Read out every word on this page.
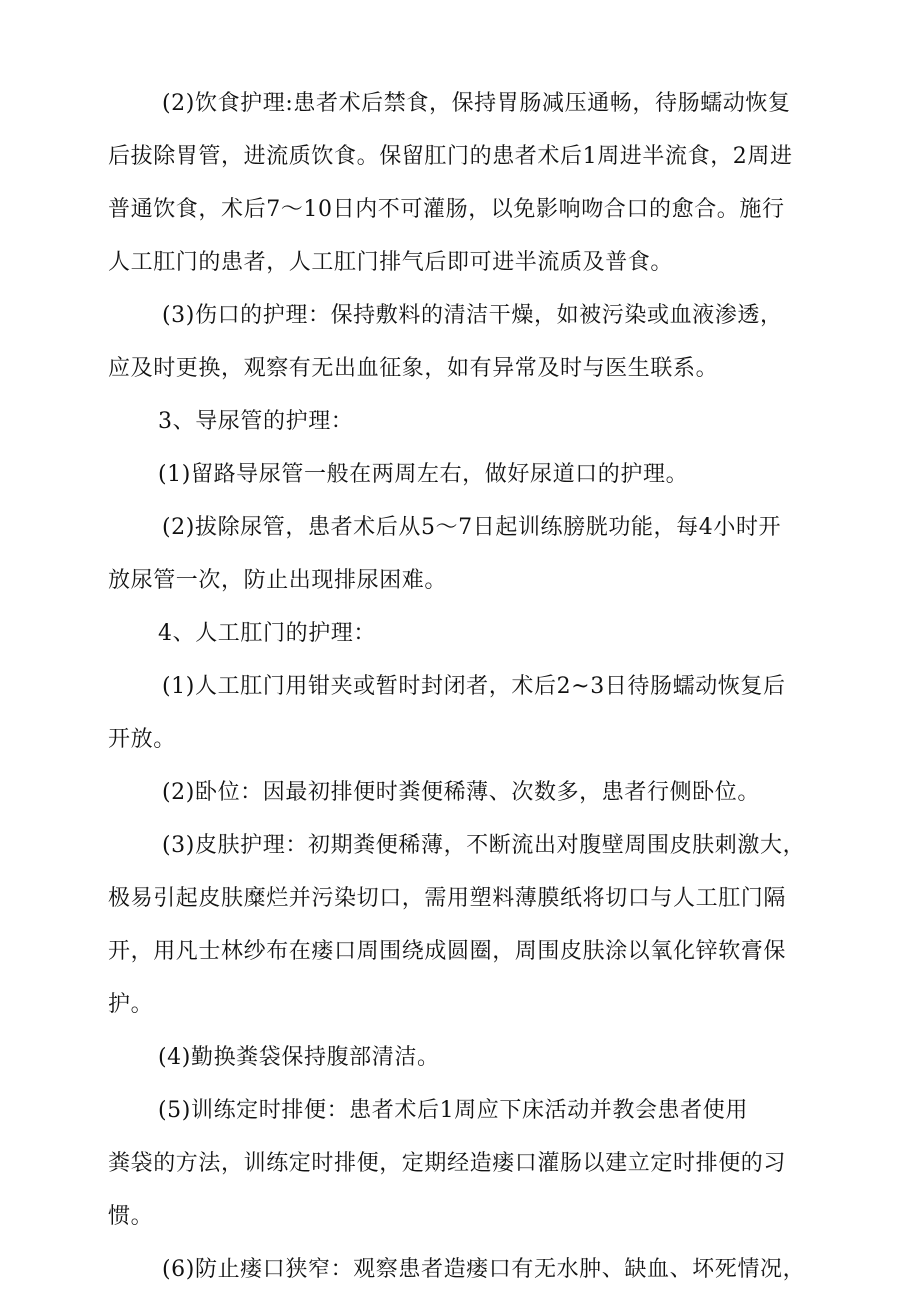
(2)饮食护理:患者术后禁食，保持胃肠减压通畅，待肠蠕动恢复
后拔除胃管，进流质饮食。保留肛门的患者术后1周进半流食，2周进
普通饮食，术后7～10日内不可灌肠，以免影响吻合口的愈合。施行
人工肛门的患者，人工肛门排气后即可进半流质及普食。
(3)伤口的护理：保持敷料的清洁干燥，如被污染或血液渗透，
应及时更换，观察有无出血征象，如有异常及时与医生联系。
3、导尿管的护理：
(1)留路导尿管一般在两周左右，做好尿道口的护理。
(2)拔除尿管，患者术后从5～7日起训练膀胱功能，每4小时开
放尿管一次，防止出现排尿困难。
4、人工肛门的护理：
(1)人工肛门用钳夹或暂时封闭者，术后2~3日待肠蠕动恢复后
开放。
(2)卧位：因最初排便时粪便稀薄、次数多，患者行侧卧位。
(3)皮肤护理：初期粪便稀薄，不断流出对腹壁周围皮肤刺激大，
极易引起皮肤糜烂并污染切口，需用塑料薄膜纸将切口与人工肛门隔
开，用凡士林纱布在瘘口周围绕成圆圈，周围皮肤涂以氧化锌软膏保
护。
(4)勤换粪袋保持腹部清洁。
(5)训练定时排便：患者术后1周应下床活动并教会患者使用
粪袋的方法，训练定时排便，定期经造瘘口灌肠以建立定时排便的习
惯。
(6)防止瘘口狭窄：观察患者造瘘口有无水肿、缺血、坏死情况，
